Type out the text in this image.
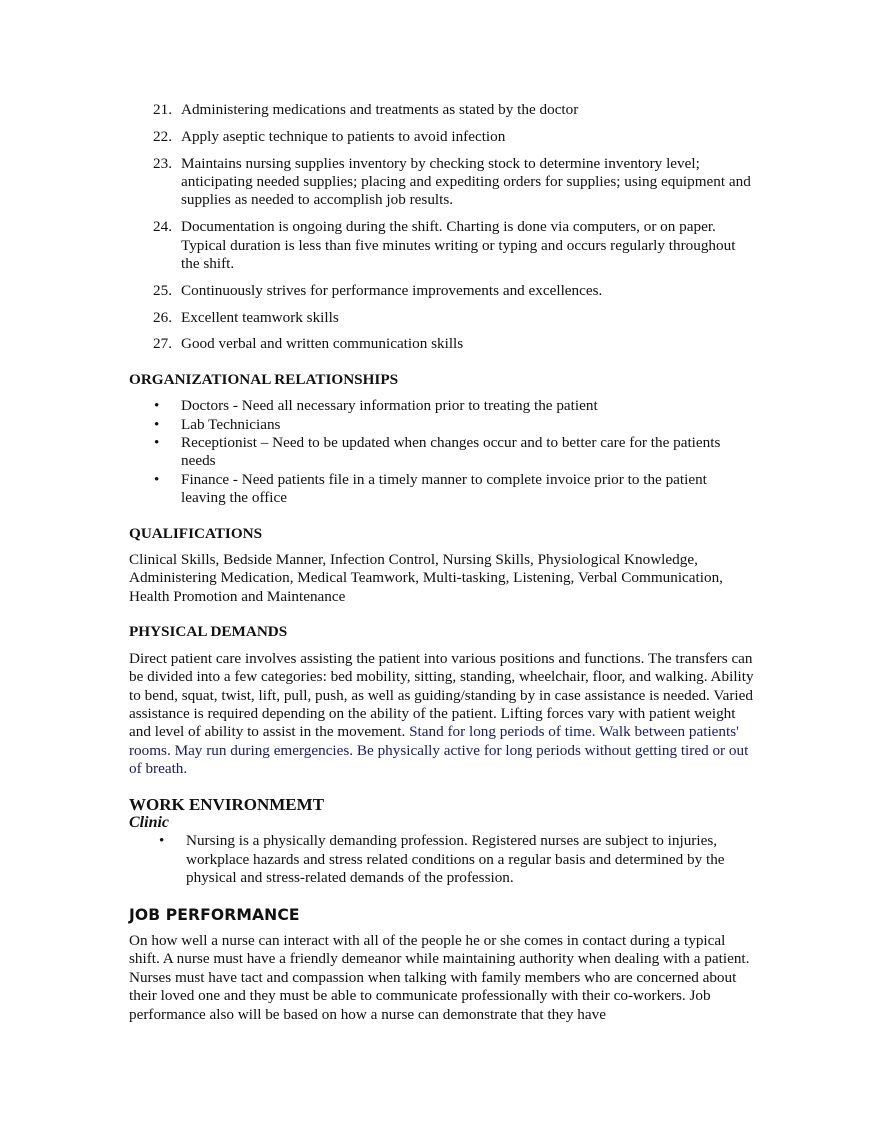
21. Administering medications and treatments as stated by the doctor
22. Apply aseptic technique to patients to avoid infection
23. Maintains nursing supplies inventory by checking stock to determine inventory level; anticipating needed supplies; placing and expediting orders for supplies; using equipment and supplies as needed to accomplish job results.
24. Documentation is ongoing during the shift. Charting is done via computers, or on paper. Typical duration is less than five minutes writing or typing and occurs regularly throughout the shift.
25. Continuously strives for performance improvements and excellences.
26. Excellent teamwork skills
27. Good verbal and written communication skills
ORGANIZATIONAL RELATIONSHIPS
• Doctors - Need all necessary information prior to treating the patient
• Lab Technicians
• Receptionist – Need to be updated when changes occur and to better care for the patients needs
• Finance - Need patients file in a timely manner to complete invoice prior to the patient leaving the office
QUALIFICATIONS

Clinical Skills, Bedside Manner, Infection Control, Nursing Skills, Physiological Knowledge, Administering Medication, Medical Teamwork, Multi-tasking, Listening, Verbal Communication, Health Promotion and Maintenance

PHYSICAL DEMANDS

Direct patient care involves assisting the patient into various positions and functions. The transfers can be divided into a few categories: bed mobility, sitting, standing, wheelchair, floor, and walking. Ability to bend, squat, twist, lift, pull, push, as well as guiding/standing by in case assistance is needed. Varied assistance is required depending on the ability of the patient. Lifting forces vary with patient weight and level of ability to assist in the movement. Stand for long periods of time. Walk between patients' rooms. May run during emergencies. Be physically active for long periods without getting tired or out of breath.

WORK ENVIRONMEMT
Clinic
• Nursing is a physically demanding profession. Registered nurses are subject to injuries, workplace hazards and stress related conditions on a regular basis and determined by the physical and stress-related demands of the profession.
JOB PERFORMANCE

On how well a nurse can interact with all of the people he or she comes in contact during a typical shift. A nurse must have a friendly demeanor while maintaining authority when dealing with a patient. Nurses must have tact and compassion when talking with family members who are concerned about their loved one and they must be able to communicate professionally with their co-workers. Job performance also will be based on how a nurse can demonstrate that they have
